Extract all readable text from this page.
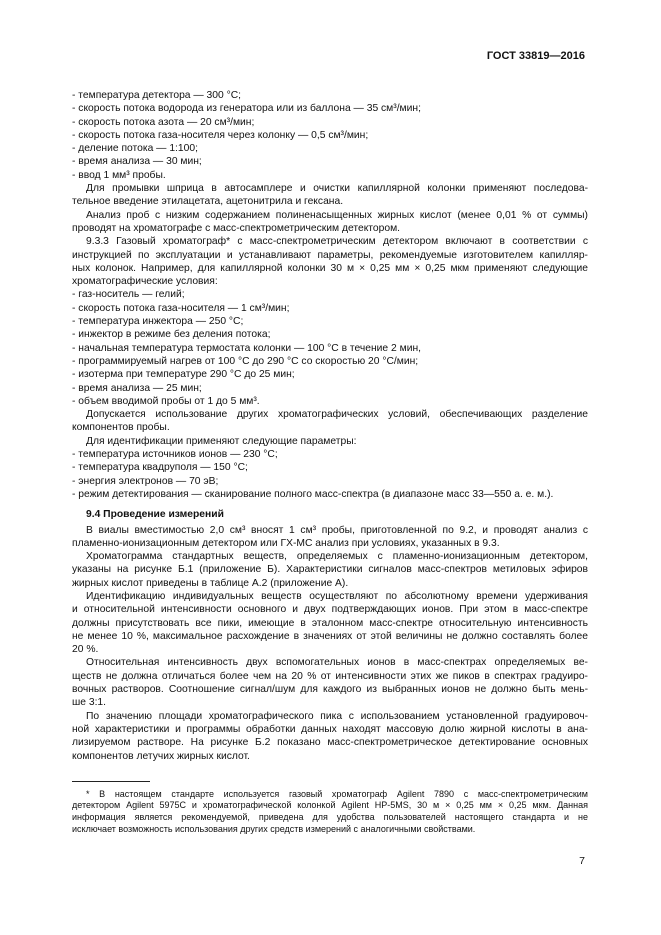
ГОСТ 33819—2016
- температура детектора — 300 °С;
- скорость потока водорода из генератора или из баллона — 35 см³/мин;
- скорость потока азота — 20 см³/мин;
- скорость потока газа-носителя через колонку — 0,5 см³/мин;
- деление потока — 1:100;
- время анализа — 30 мин;
- ввод 1 мм³ пробы.
Для промывки шприца в автосамплере и очистки капиллярной колонки применяют последова-
тельное введение этилацетата, ацетонитрила и гексана.
Анализ проб с низким содержанием полиненасыщенных жирных кислот (менее 0,01 % от суммы)
проводят на хроматографе с масс-спектрометрическим детектором.
9.3.3 Газовый хроматограф* с масс-спектрометрическим детектором включают в соответствии с
инструкцией по эксплуатации и устанавливают параметры, рекомендуемые изготовителем капилляр-
ных колонок. Например, для капиллярной колонки 30 м × 0,25 мм × 0,25 мкм применяют следующие
хроматографические условия:
- газ-носитель — гелий;
- скорость потока газа-носителя — 1 см³/мин;
- температура инжектора — 250 °С;
- инжектор в режиме без деления потока;
- начальная температура термостата колонки — 100 °С в течение 2 мин,
- программируемый нагрев от 100 °С до 290 °С со скоростью 20 °С/мин;
- изотерма при температуре 290 °С до 25 мин;
- время анализа — 25 мин;
- объем вводимой пробы от 1 до 5 мм³.
Допускается использование других хроматографических условий, обеспечивающих разделение
компонентов пробы.
Для идентификации применяют следующие параметры:
- температура источников ионов — 230 °С;
- температура квадруполя — 150 °С;
- энергия электронов — 70 эВ;
- режим детектирования — сканирование полного масс-спектра (в диапазоне масс 33—550 а. е. м.).
9.4 Проведение измерений
В виалы вместимостью 2,0 см³ вносят 1 см³ пробы, приготовленной по 9.2, и проводят анализ с
пламенно-ионизационным детектором или ГХ-МС анализ при условиях, указанных в 9.3.
Хроматограмма стандартных веществ, определяемых с пламенно-ионизационным детектором,
указаны на рисунке Б.1 (приложение Б). Характеристики сигналов масс-спектров метиловых эфиров
жирных кислот приведены в таблице А.2 (приложение А).
Идентификацию индивидуальных веществ осуществляют по абсолютному времени удерживания
и относительной интенсивности основного и двух подтверждающих ионов. При этом в масс-спектре
должны присутствовать все пики, имеющие в эталонном масс-спектре относительную интенсивность
не менее 10 %, максимальное расхождение в значениях от этой величины не должно составлять более
20 %.
Относительная интенсивность двух вспомогательных ионов в масс-спектрах определяемых ве-
ществ не должна отличаться более чем на 20 % от интенсивности этих же пиков в спектрах градуиро-
вочных растворов. Соотношение сигнал/шум для каждого из выбранных ионов не должно быть мень-
ше 3:1.
По значению площади хроматографического пика с использованием установленной градуировоч-
ной характеристики и программы обработки данных находят массовую долю жирной кислоты в ана-
лизируемом растворе. На рисунке Б.2 показано масс-спектрометрическое детектирование основных
компонентов летучих жирных кислот.
* В настоящем стандарте используется газовый хроматограф Agilent 7890 с масс-спектрометрическим
детектором Agilent 5975C и хроматографической колонкой Agilent HP-5MS, 30 м × 0,25 мм × 0,25 мкм. Данная
информация является рекомендуемой, приведена для удобства пользователей настоящего стандарта и не
исключает возможность использования других средств измерений с аналогичными свойствами.
7
